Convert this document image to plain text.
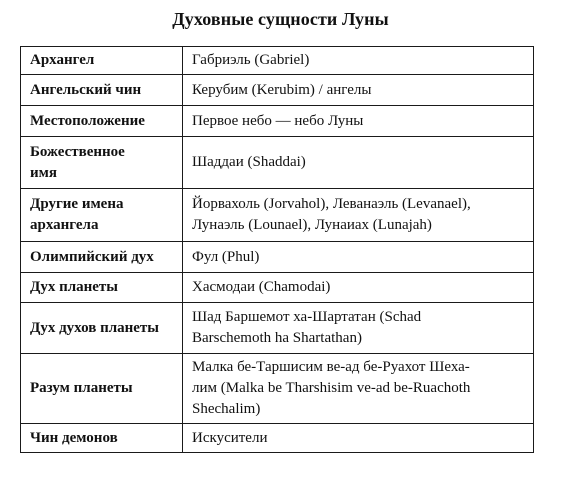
Духовные сущности Луны
Архангел	Габриэль (Gabriel)

Ангельский чин	Керубим (Kerubim) / ангелы

Местоположение	Первое небо — небо Луны

Божественное
имя	Шаддаи (Shaddai)

Другие имена
архангела	Йорвахоль (Jorvahol), Леванаэль (Levanael),
Лунаэль (Lounael), Лунаиах (Lunajah)

Олимпийский дух	Фул (Phul)

Дух планеты	Хасмодаи (Chamodai)

Дух духов планеты	Шад Баршемот ха-Шартатан (Schad
Barschemoth ha Shartathan)

Разум планеты	Малка бе-Таршисим ве-ад бе-Руахот Шеха-
лим (Malka be Tharshisim ve-ad be-Ruachoth
Shechalim)

Чин демонов	Искусители
